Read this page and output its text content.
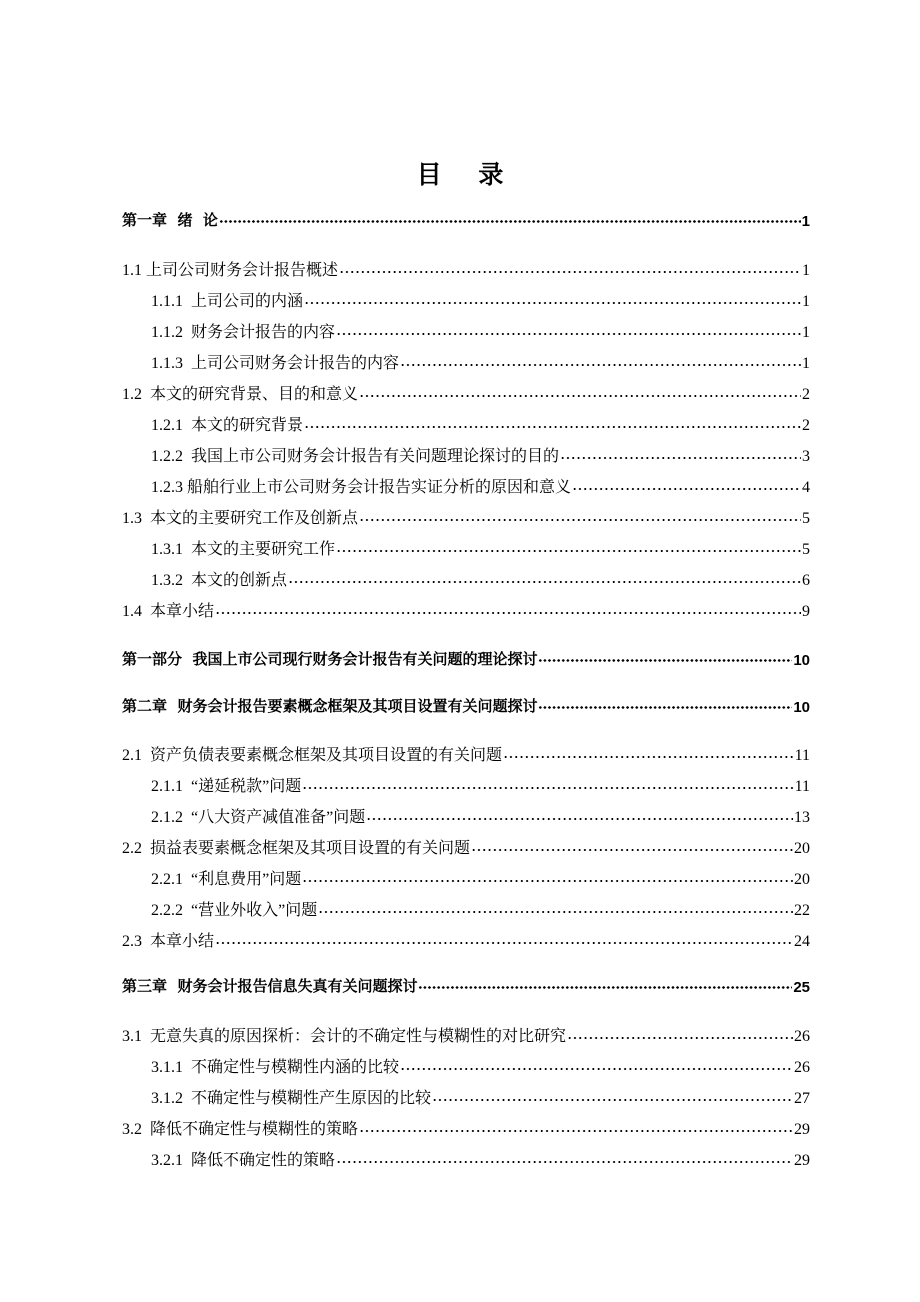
目 录
第一章  绪  论	1
1.1 上司公司财务会计报告概述	1
1.1.1  上司公司的内涵	1
1.1.2  财务会计报告的内容	1
1.1.3  上司公司财务会计报告的内容	1
1.2  本文的研究背景、目的和意义	2
1.2.1  本文的研究背景	2
1.2.2  我国上市公司财务会计报告有关问题理论探讨的目的	3
1.2.3 船舶行业上市公司财务会计报告实证分析的原因和意义	4
1.3  本文的主要研究工作及创新点	5
1.3.1  本文的主要研究工作	5
1.3.2  本文的创新点	6
1.4  本章小结	9
第一部分  我国上市公司现行财务会计报告有关问题的理论探讨	10
第二章  财务会计报告要素概念框架及其项目设置有关问题探讨	10
2.1  资产负债表要素概念框架及其项目设置的有关问题	11
2.1.1  “递延税款”问题	11
2.1.2  “八大资产减值准备”问题	13
2.2  损益表要素概念框架及其项目设置的有关问题	20
2.2.1  “利息费用”问题	20
2.2.2  “营业外收入”问题	22
2.3  本章小结	24
第三章  财务会计报告信息失真有关问题探讨	25
3.1  无意失真的原因探析：会计的不确定性与模糊性的对比研究	26
3.1.1  不确定性与模糊性内涵的比较	26
3.1.2  不确定性与模糊性产生原因的比较	27
3.2  降低不确定性与模糊性的策略	29
3.2.1  降低不确定性的策略	29
